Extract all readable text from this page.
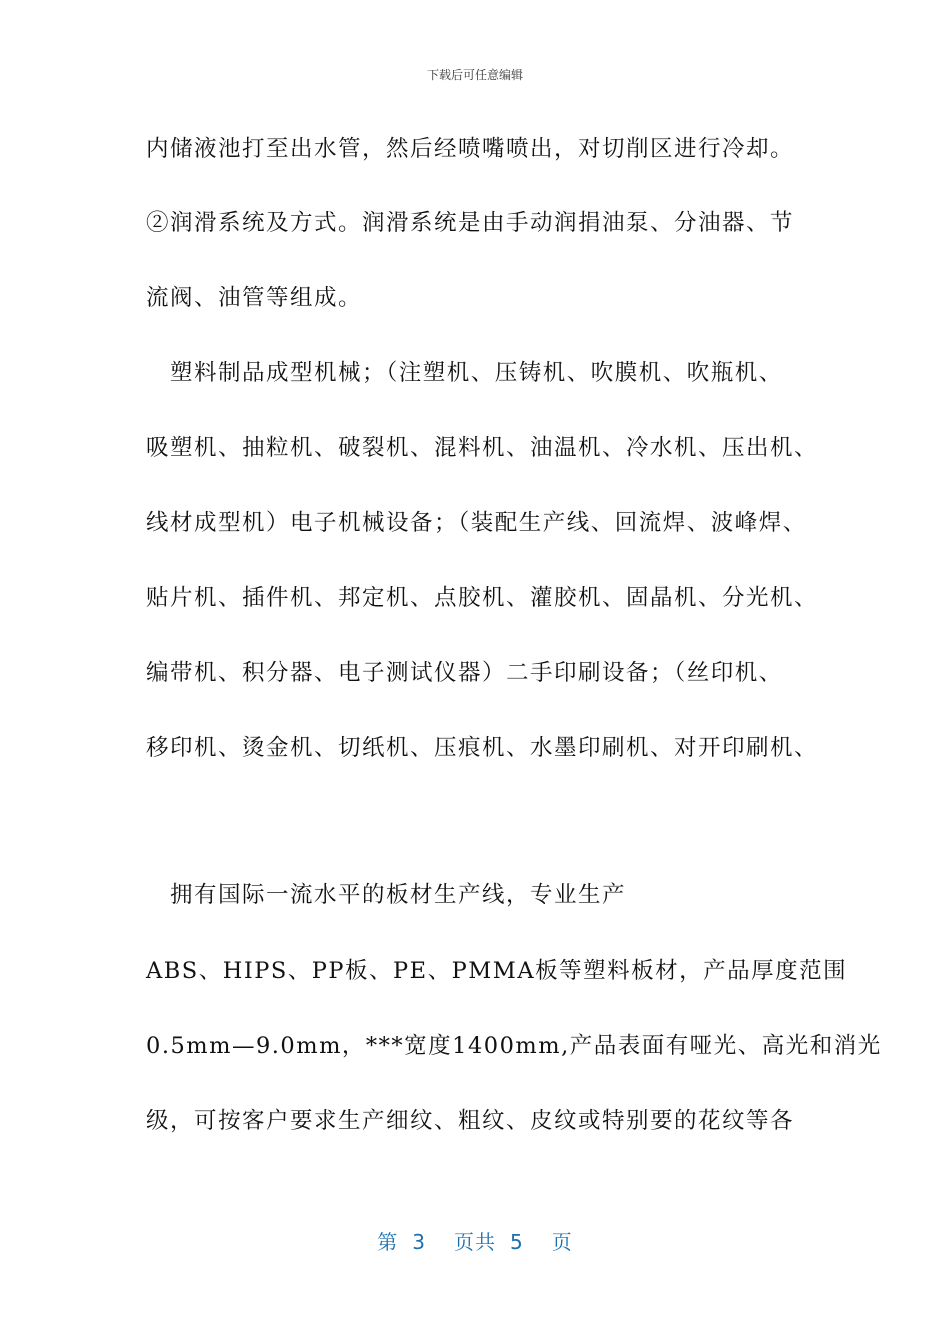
下载后可任意编辑
内储液池打至出水管，然后经喷嘴喷出，对切削区进行冷却。
②润滑系统及方式。润滑系统是由手动润捐油泵、分油器、节
流阀、油管等组成。
　塑料制品成型机械；（注塑机、压铸机、吹膜机、吹瓶机、
吸塑机、抽粒机、破裂机、混料机、油温机、冷水机、压出机、
线材成型机）电子机械设备；（装配生产线、回流焊、波峰焊、
贴片机、插件机、邦定机、点胶机、灌胶机、固晶机、分光机、
编带机、积分器、电子测试仪器）二手印刷设备；（丝印机、
移印机、烫金机、切纸机、压痕机、水墨印刷机、对开印刷机、
　拥有国际一流水平的板材生产线，专业生产
ABS、HIPS、PP板、PE、PMMA板等塑料板材，产品厚度范围
0.5mm—9.0mm，***宽度1400mm,产品表面有哑光、高光和消光
级，可按客户要求生产细纹、粗纹、皮纹或特别要的花纹等各
第 3 页共 5 页
